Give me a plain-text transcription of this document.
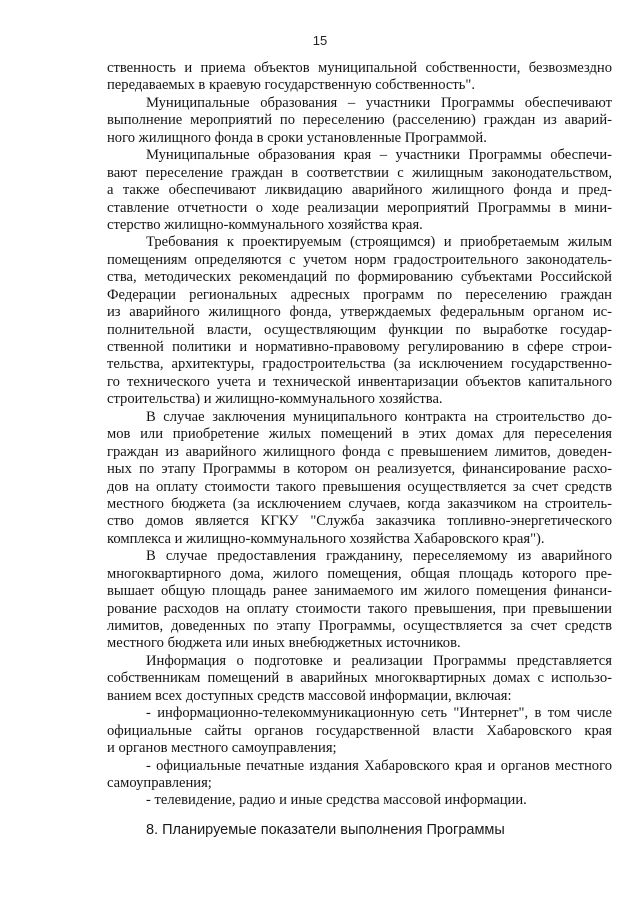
15
ственность и приема объектов муниципальной собственности, безвозмездно
передаваемых в краевую государственную собственность".
Муниципальные образования – участники Программы обеспечивают
выполнение мероприятий по переселению (расселению) граждан из аварий-
ного жилищного фонда в сроки установленные Программой.
Муниципальные образования края – участники Программы обеспечи-
вают переселение граждан в соответствии с жилищным законодательством,
а также обеспечивают ликвидацию аварийного жилищного фонда и пред-
ставление отчетности о ходе реализации мероприятий Программы в мини-
стерство жилищно-коммунального хозяйства края.
Требования к проектируемым (строящимся) и приобретаемым жилым
помещениям определяются с учетом норм градостроительного законодатель-
ства, методических рекомендаций по формированию субъектами Российской
Федерации региональных адресных программ по переселению граждан
из аварийного жилищного фонда, утверждаемых федеральным органом ис-
полнительной власти, осуществляющим функции по выработке государ-
ственной политики и нормативно-правовому регулированию в сфере строи-
тельства, архитектуры, градостроительства (за исключением государственно-
го технического учета и технической инвентаризации объектов капитального
строительства) и жилищно-коммунального хозяйства.
В случае заключения муниципального контракта на строительство до-
мов или приобретение жилых помещений в этих домах для переселения
граждан из аварийного жилищного фонда с превышением лимитов, доведен-
ных по этапу Программы в котором он реализуется, финансирование расхо-
дов на оплату стоимости такого превышения осуществляется за счет средств
местного бюджета (за исключением случаев, когда заказчиком на строитель-
ство домов является КГКУ "Служба заказчика топливно-энергетического
комплекса и жилищно-коммунального хозяйства Хабаровского края").
В случае предоставления гражданину, переселяемому из аварийного
многоквартирного дома, жилого помещения, общая площадь которого пре-
вышает общую площадь ранее занимаемого им жилого помещения финанси-
рование расходов на оплату стоимости такого превышения, при превышении
лимитов, доведенных по этапу Программы, осуществляется за счет средств
местного бюджета или иных внебюджетных источников.
Информация о подготовке и реализации Программы представляется
собственникам помещений в аварийных многоквартирных домах с использо-
ванием всех доступных средств массовой информации, включая:
- информационно-телекоммуникационную сеть "Интернет", в том числе
официальные сайты органов государственной власти Хабаровского края
и органов местного самоуправления;
- официальные печатные издания Хабаровского края и органов местного
самоуправления;
- телевидение, радио и иные средства массовой информации.
8. Планируемые показатели выполнения Программы
